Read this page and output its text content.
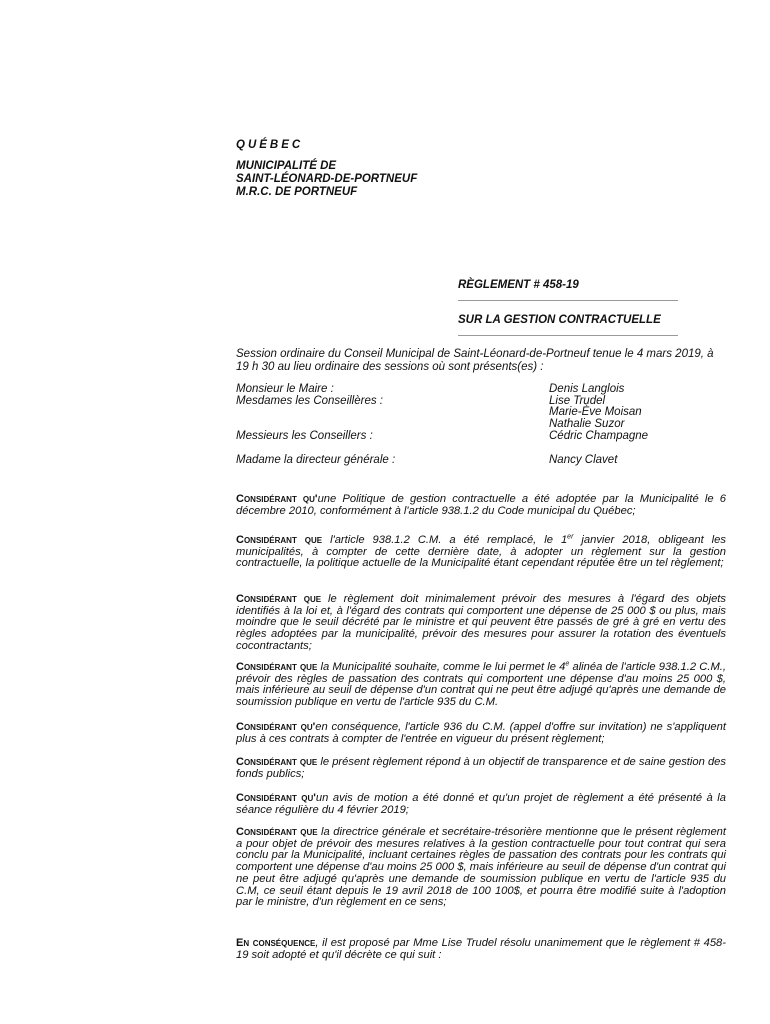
QUÉBEC
MUNICIPALITÉ DE
SAINT-LÉONARD-DE-PORTNEUF
M.R.C. DE PORTNEUF
RÈGLEMENT # 458-19
SUR LA GESTION CONTRACTUELLE
Session ordinaire du Conseil Municipal de Saint-Léonard-de-Portneuf tenue le 4 mars 2019, à 19 h 30 au lieu ordinaire des sessions où sont présents(es) :
Monsieur le Maire :	Denis Langlois
Mesdames les Conseillères :	Lise Trudel
Marie-Ève Moisan
Nathalie Suzor
Messieurs les Conseillers :	Cédric Champagne
Madame la directeur générale :	Nancy Clavet
Considérant qu'une Politique de gestion contractuelle a été adoptée par la Municipalité le 6 décembre 2010, conformément à l'article 938.1.2 du Code municipal du Québec;
Considérant que l'article 938.1.2 C.M. a été remplacé, le 1er janvier 2018, obligeant les municipalités, à compter de cette dernière date, à adopter un règlement sur la gestion contractuelle, la politique actuelle de la Municipalité étant cependant réputée être un tel règlement;
Considérant que le règlement doit minimalement prévoir des mesures à l'égard des objets identifiés à la loi et, à l'égard des contrats qui comportent une dépense de 25 000 $ ou plus, mais moindre que le seuil décrété par le ministre et qui peuvent être passés de gré à gré en vertu des règles adoptées par la municipalité, prévoir des mesures pour assurer la rotation des éventuels cocontractants;
Considérant que la Municipalité souhaite, comme le lui permet le 4e alinéa de l'article 938.1.2 C.M., prévoir des règles de passation des contrats qui comportent une dépense d'au moins 25 000 $, mais inférieure au seuil de dépense d'un contrat qui ne peut être adjugé qu'après une demande de soumission publique en vertu de l'article 935 du C.M.
Considérant qu'en conséquence, l'article 936 du C.M. (appel d'offre sur invitation) ne s'appliquent plus à ces contrats à compter de l'entrée en vigueur du présent règlement;
Considérant que le présent règlement répond à un objectif de transparence et de saine gestion des fonds publics;
Considérant qu'un avis de motion a été donné et qu'un projet de règlement a été présenté à la séance régulière du 4 février 2019;
Considérant que la directrice générale et secrétaire-trésorière mentionne que le présent règlement a pour objet de prévoir des mesures relatives à la gestion contractuelle pour tout contrat qui sera conclu par la Municipalité, incluant certaines règles de passation des contrats pour les contrats qui comportent une dépense d'au moins 25 000 $, mais inférieure au seuil de dépense d'un contrat qui ne peut être adjugé qu'après une demande de soumission publique en vertu de l'article 935 du C.M, ce seuil étant depuis le 19 avril 2018 de 100 100$, et pourra être modifié suite à l'adoption par le ministre, d'un règlement en ce sens;
En conséquence, il est proposé par Mme Lise Trudel résolu unanimement que le règlement # 458-19 soit adopté et qu'il décrète ce qui suit :
